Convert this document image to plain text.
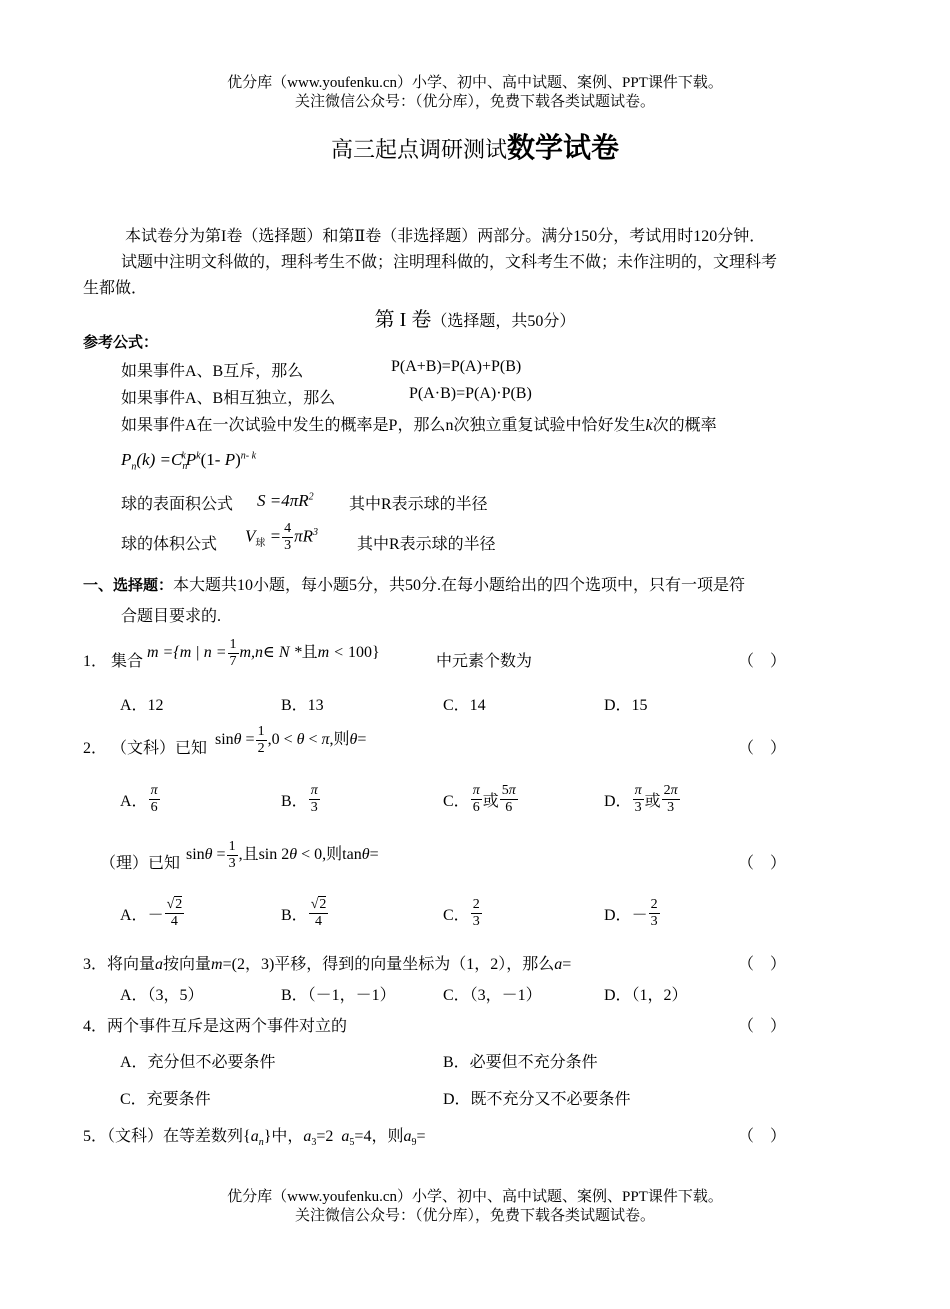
优分库（www.youfenku.cn）小学、初中、高中试题、案例、PPT课件下载。
关注微信公众号：（优分库），免费下载各类试题试卷。
高三起点调研测试数学试卷
本试卷分为第I卷（选择题）和第Ⅱ卷（非选择题）两部分。满分150分，考试用时120分钟．
试题中注明文科做的，理科考生不做；注明理科做的，文科考生不做；未作注明的，文理科考
生都做．
第 I 卷（选择题，共50分）
参考公式：
如果事件A、B互斥，那么	P(A+B)=P(A)+P(B)
如果事件A、B相互独立，那么	P(A·B)=P(A)·P(B)
如果事件A在一次试验中发生的概率是P，那么n次独立重复试验中恰好发生k次的概率
$P_n(k) =C_n^kP^k(1-$ P)$^{n- k}$
球的表面积公式 $S =4\pi R^2$ 其中R表示球的半径
球的体积公式 $V_球 = \frac{4}{3} \pi R^3$
其中R表示球的半径
一、选择题：本大题共10小题，每小题5分，共50分.在每小题给出的四个选项中，只有一项是符
合题目要求的.
1． 集合
m ={m | $n = \frac{1}{7}$ m,n∈ N *且m < 100}
中元素个数为	（　）
A．12	B．13	C．14	D．15
2． （文科）已知
$\sin\theta = \frac{1}{2} ,0 < \theta < \pi$,则θ=
（　）
A． $\frac{\pi}{6}$	B． $\frac{\pi}{3}$	C． $\frac{\pi}{6}$ 或 $\frac{5\pi}{6}$	D． $\frac{\pi}{3}$ 或 $\frac{2\pi}{3}$
（理）已知
$\sin\theta = \frac{1}{3}$ ,且sin 2θ < 0,则tanθ=
（　）
A．－ $\frac{√2}{4}$	B． $\frac{√2}{4}$	C． $\frac{2}{3}$	D．－ $\frac{2}{3}$
3．将向量a按向量m=(2，3)平移，得到的向量坐标为（1，2），那么a=	（　）
A．（3，5）	B．（－1，－1）	C．（3，－1）	D．（1，2）
4．两个事件互斥是这两个事件对立的	（　）
A．充分但不必要条件	B．必要但不充分条件
C．充要条件	D．既不充分又不必要条件
5．（文科）在等差数列$\{a_n\}$中，$a_3=2$ $a_5=4$，则$a_9=$	（　）
优分库（www.youfenku.cn）小学、初中、高中试题、案例、PPT课件下载。
关注微信公众号：（优分库），免费下载各类试题试卷。
